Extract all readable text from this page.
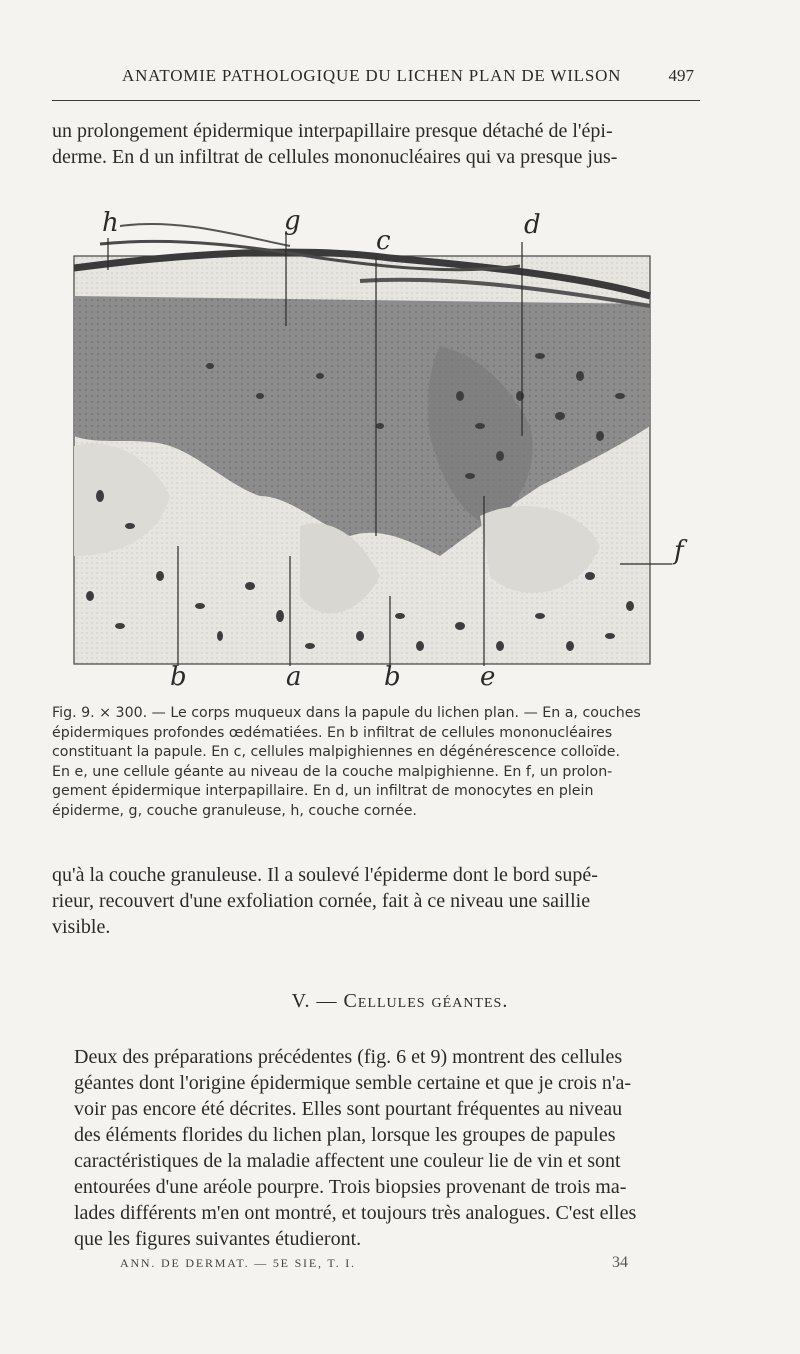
ANATOMIE PATHOLOGIQUE DU LICHEN PLAN DE WILSON	497
un prolongement épidermique interpapillaire presque détaché de l'épi-
derme. En d un infiltrat de cellules mononucléaires qui va presque jus-
h	g
c
d
f
b	a	b	e
Fig. 9. × 300. — Le corps muqueux dans la papule du lichen plan. — En a, couches
épidermiques profondes œdématiées. En b infiltrat de cellules mononucléaires
constituant la papule. En c, cellules malpighiennes en dégénérescence colloïde.
En e, une cellule géante au niveau de la couche malpighienne. En f, un prolon-
gement épidermique interpapillaire. En d, un infiltrat de monocytes en plein
épiderme, g, couche granuleuse, h, couche cornée.
qu'à la couche granuleuse. Il a soulevé l'épiderme dont le bord supé-
rieur, recouvert d'une exfoliation cornée, fait à ce niveau une saillie
visible.
V. — Cellules géantes.
Deux des préparations précédentes (fig. 6 et 9) montrent des cellules
géantes dont l'origine épidermique semble certaine et que je crois n'a-
voir pas encore été décrites. Elles sont pourtant fréquentes au niveau
des éléments florides du lichen plan, lorsque les groupes de papules
caractéristiques de la maladie affectent une couleur lie de vin et sont
entourées d'une aréole pourpre. Trois biopsies provenant de trois ma-
lades différents m'en ont montré, et toujours très analogues. C'est elles
que les figures suivantes étudieront.
ANN. DE DERMAT. — 5E SIE, T. I.	34
